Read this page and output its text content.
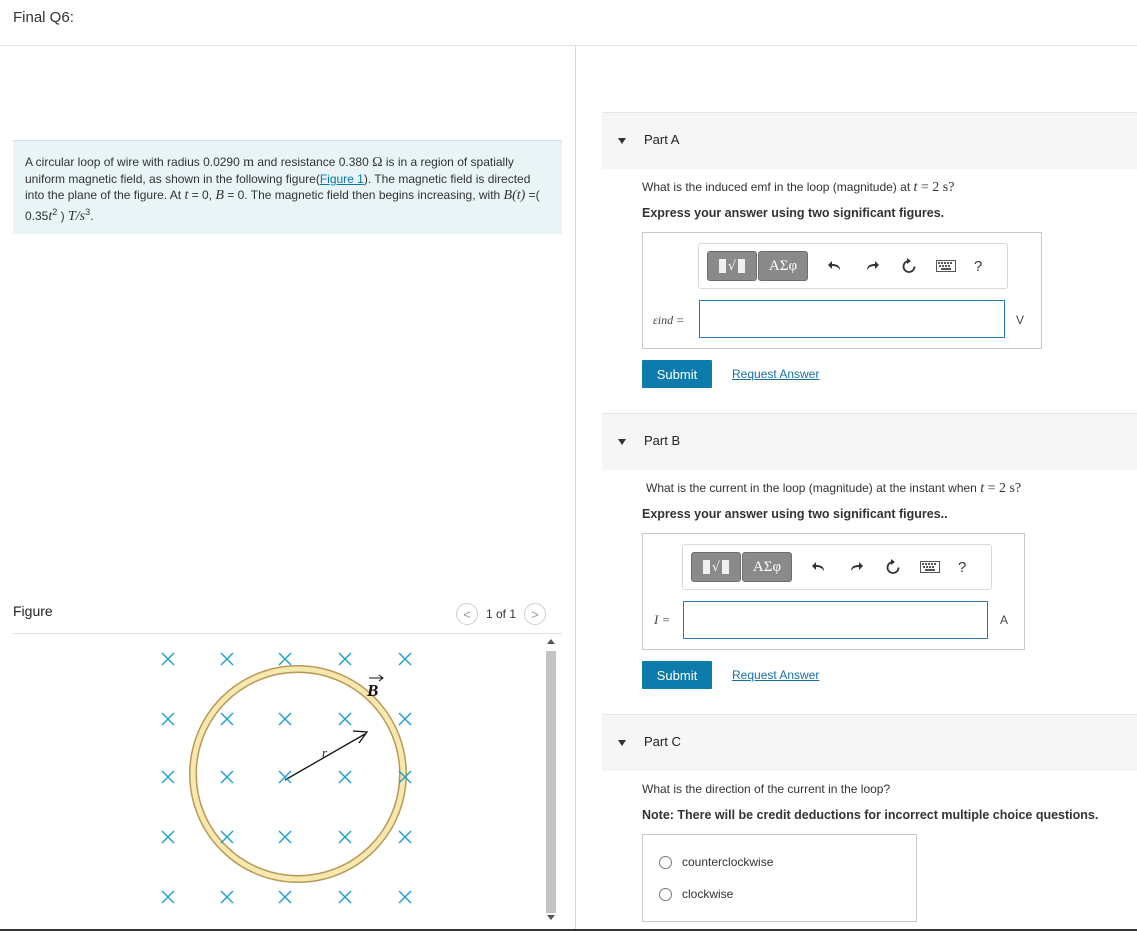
Final Q6:
A circular loop of wire with radius 0.0290 m and resistance 0.380 Ω is in a region of spatially uniform magnetic field, as shown in the following figure(Figure 1). The magnetic field is directed into the plane of the figure. At t = 0, B = 0. The magnetic field then begins increasing, with B(t) =( $0.35t^2$ ) $T/s^3$.
Figure	< 1 of 1 >
r
B
Part A
What is the induced emf in the loop (magnitude) at t = 2 s?
Express your answer using two significant figures.
√	ΑΣφ	?
εind =	V
Submit	Request Answer
Part B
What is the current in the loop (magnitude) at the instant when t = 2 s?
Express your answer using two significant figures..
√	ΑΣφ	?
I =	A
Submit	Request Answer
Part C
What is the direction of the current in the loop?
Note: There will be credit deductions for incorrect multiple choice questions.
counterclockwise
clockwise
